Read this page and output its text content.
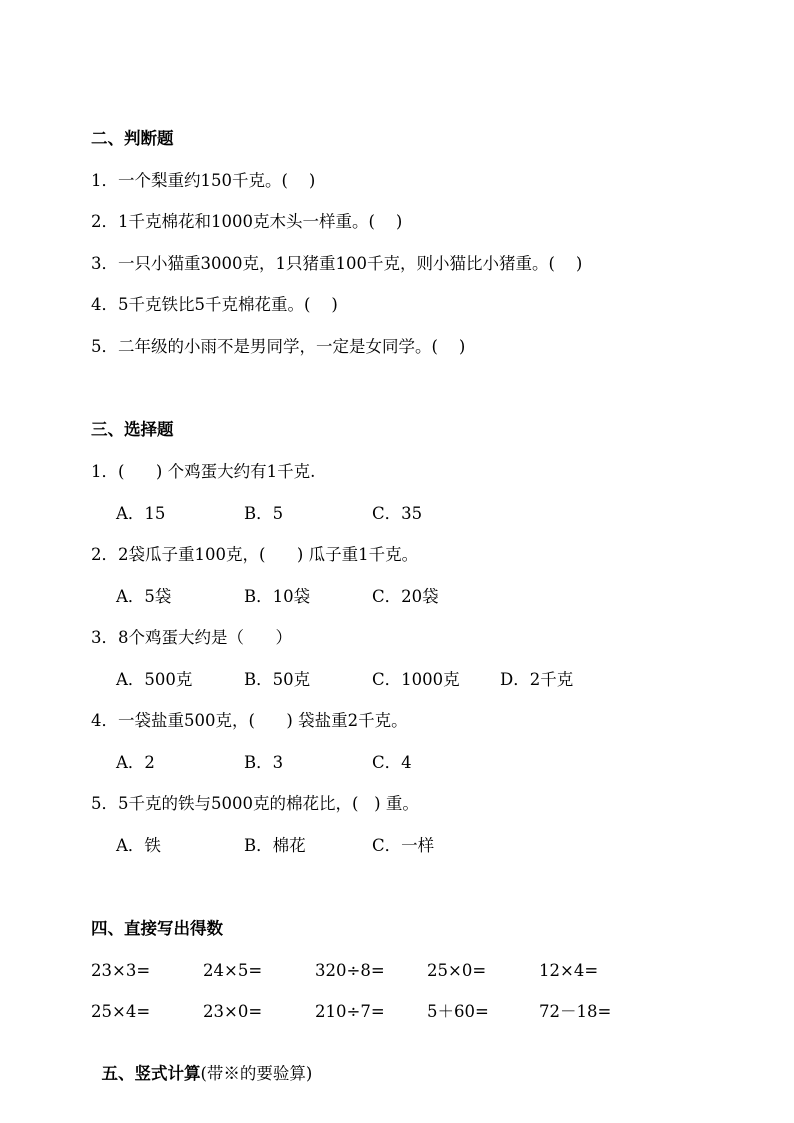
二、判断题
1．一个梨重约150千克。(    )
2．1千克棉花和1000克木头一样重。(    )
3．一只小猫重3000克，1只猪重100千克，则小猫比小猪重。(    )
4．5千克铁比5千克棉花重。(    )
5．二年级的小雨不是男同学，一定是女同学。(    )
三、选择题
1．(      ) 个鸡蛋大约有1千克.
A．15	B．5	C．35
2．2袋瓜子重100克，(      ) 瓜子重1千克。
A．5袋	B．10袋	C．20袋
3．8个鸡蛋大约是（      ）
A．500克	B．50克	C．1000克 D．2千克
4．一袋盐重500克，(      ) 袋盐重2千克。
A．2	B．3	C．4
5．5千克的铁与5000克的棉花比，(   ) 重。
A．铁	B．棉花	C．一样
四、直接写出得数
23×3=	24×5=	320÷8=	25×0=	12×4=
25×4=	23×0=	210÷7=	5＋60=	72－18=

五、竖式计算(带※的要验算)
